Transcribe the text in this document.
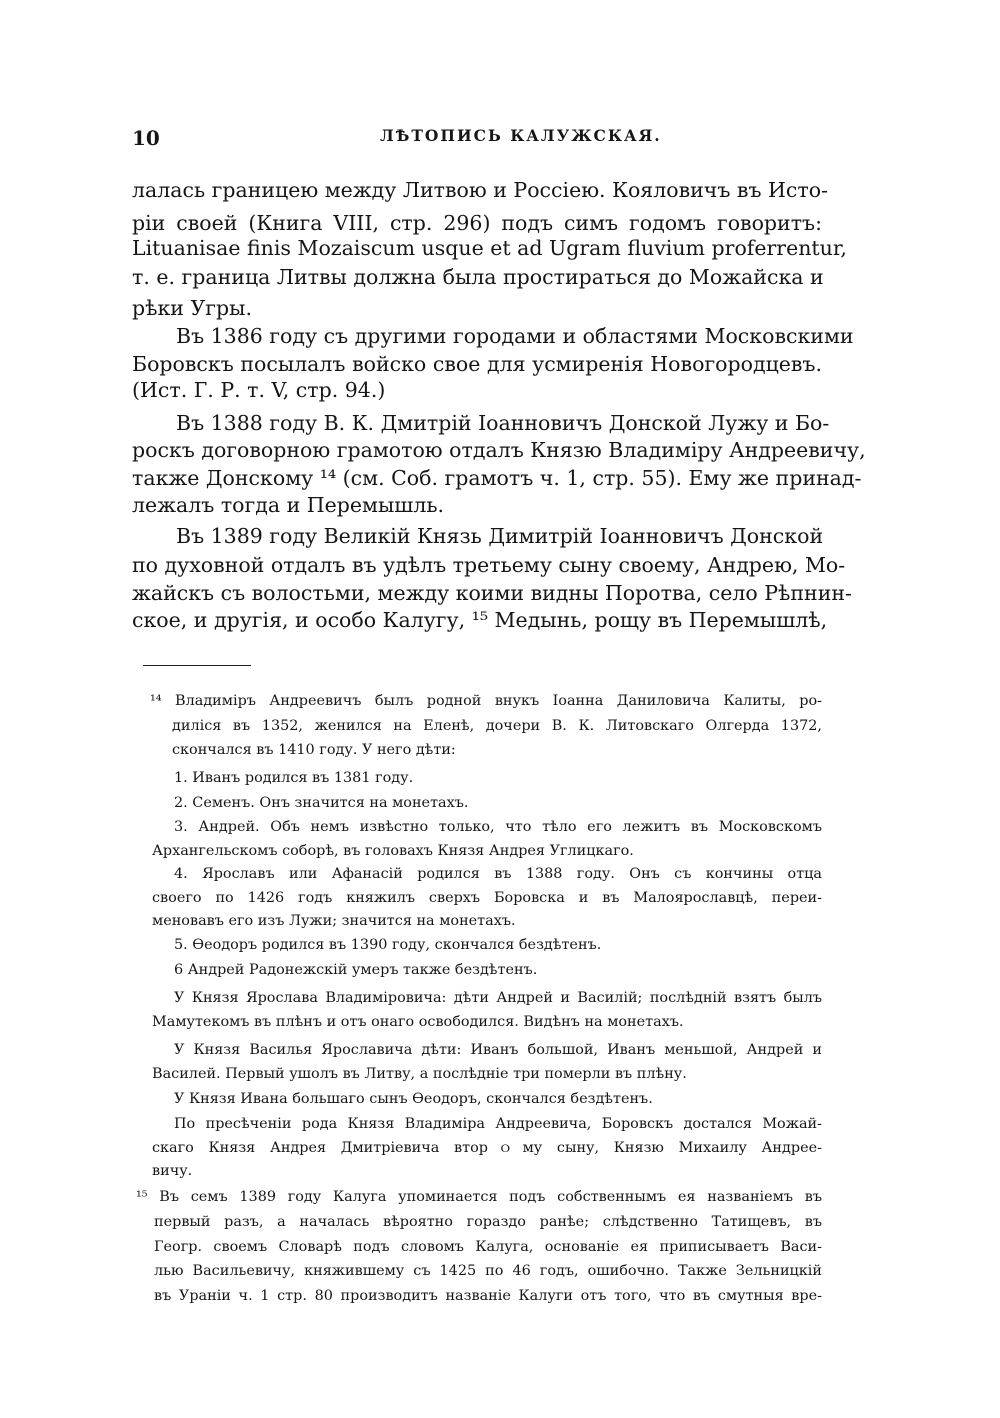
10	ЛѢТОПИСЬ КАЛУЖСКАЯ.
лалась границею между Литвою и Россіею. Кояловичъ въ Исто-
ріи своей (Книга VIII, стр. 296) подъ симъ годомъ говоритъ:
Lituanisae finis Mozaiscum usque et ad Ugram fluvium proferrentur,
т. е. граница Литвы должна была простираться до Можайска и
рѣки Угры.
Въ 1386 году съ другими городами и областями Московскими
Боровскъ посылалъ войско свое для усмиренія Новогородцевъ.
(Ист. Г. Р. т. V, стр. 94.)
Въ 1388 году В. К. Дмитрій Іоанновичъ Донской Лужу и Бо-
роскъ договорною грамотою отдалъ Князю Владиміру Андреевичу,
также Донскому ¹⁴ (см. Соб. грамотъ ч. 1, стр. 55). Ему же принад-
лежалъ тогда и Перемышль.
Въ 1389 году Великій Князь Димитрій Іоанновичъ Донской
по духовной отдалъ въ удѣлъ третьему сыну своему, Андрею, Мо-
жайскъ съ волостьми, между коими видны Поротва, село Рѣпнин-
ское, и другія, и особо Калугу, ¹⁵ Медынь, рощу въ Перемышлѣ,
¹⁴ Владиміръ Андреевичъ былъ родной внукъ Іоанна Даниловича Калиты, ро-
диліся въ 1352, женился на Еленѣ, дочери В. К. Литовскаго Олгерда 1372,
скончался въ 1410 году. У него дѣти:
1. Иванъ родился въ 1381 году.
2. Семенъ. Онъ значится на монетахъ.
3. Андрей. Объ немъ извѣстно только, что тѣло его лежитъ въ Московскомъ
Архангельскомъ соборѣ, въ головахъ Князя Андрея Углицкаго.
4. Ярославъ или Афанасій родился въ 1388 году. Онъ съ кончины отца
своего по 1426 годъ княжилъ сверхъ Боровска и въ Малоярославцѣ, переи-
меновавъ его изъ Лужи; значится на монетахъ.
5. Ѳеодоръ родился въ 1390 году, скончался бездѣтенъ.
6 Андрей Радонежскій умеръ также бездѣтенъ.
У Князя Ярослава Владиміровича: дѣти Андрей и Василій; послѣдній взятъ былъ
Мамутекомъ въ плѣнъ и отъ онаго освободился. Видѣнъ на монетахъ.
У Князя Василья Ярославича дѣти: Иванъ большой, Иванъ меньшой, Андрей и
Василей. Первый ушолъ въ Литву, а послѣдніе три померли въ плѣну.
У Князя Ивана большаго сынъ Ѳеодоръ, скончался бездѣтенъ.
По пресѣченіи рода Князя Владиміра Андреевича, Боровскъ достался Можай-
скаго Князя Андрея Дмитріевича вторｏму сыну, Князю Михаилу Андрее-
вичу.
¹⁵ Въ семъ 1389 году Калуга упоминается подъ собственнымъ ея названіемъ въ
первый разъ, а началась вѣроятно гораздо ранѣе; слѣдственно Татищевъ, въ
Геогр. своемъ Словарѣ подъ словомъ Калуга, основаніе ея приписываетъ Васи-
лью Васильевичу, княжившему съ 1425 по 46 годъ, ошибочно. Также Зельницкій
въ Ураніи ч. 1 стр. 80 производитъ названіе Калуги отъ того, что въ смутныя вре-
